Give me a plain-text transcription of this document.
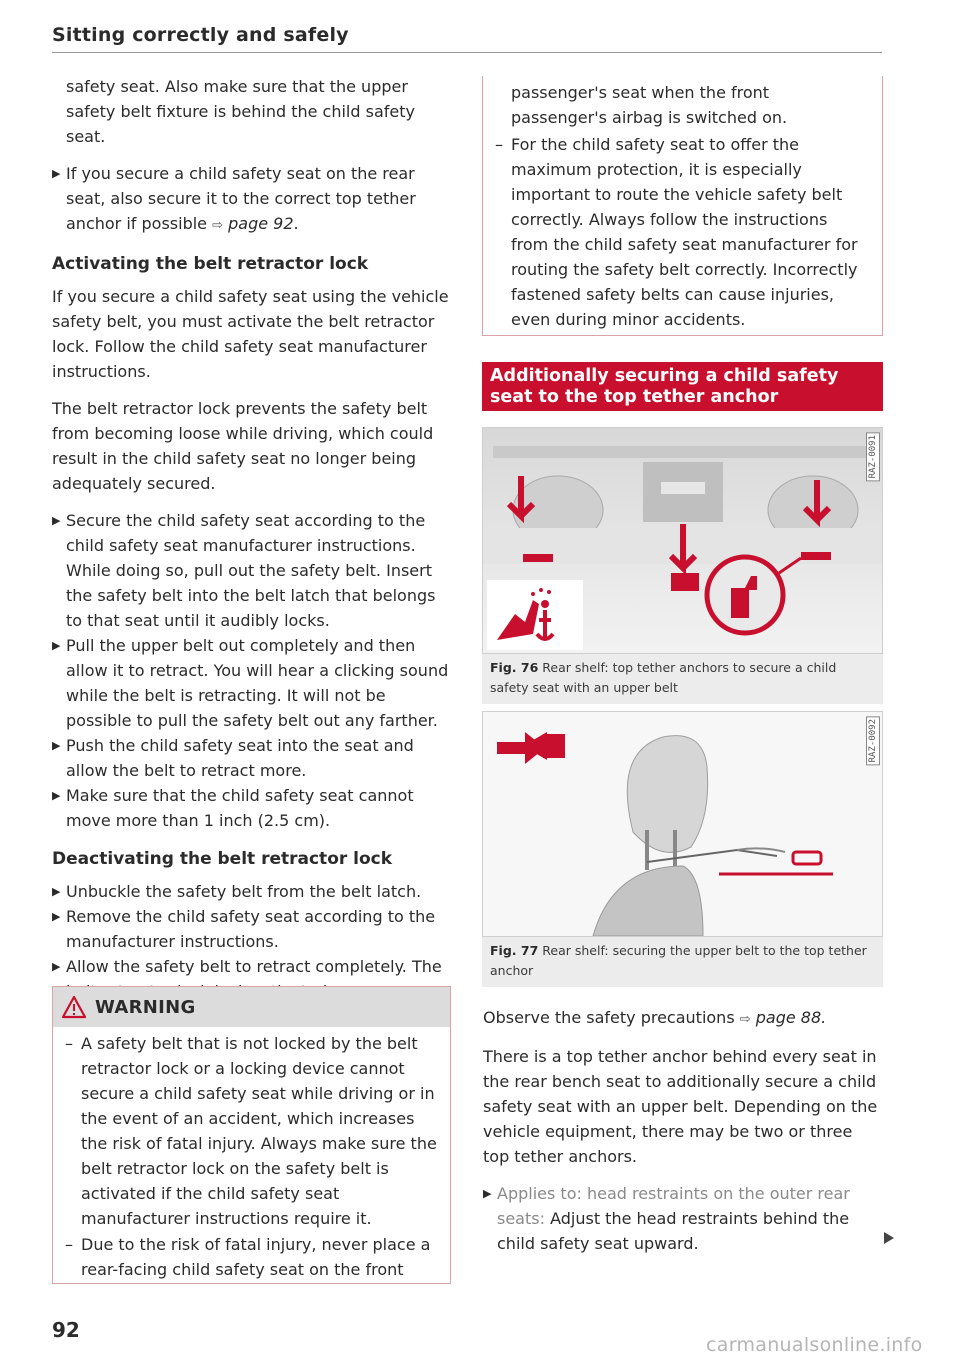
Sitting correctly and safely

safety seat. Also make sure that the upper safety belt fixture is behind the child safety seat.

▶ If you secure a child safety seat on the rear seat, also secure it to the correct top tether anchor if possible ⇨ page 92.
Activating the belt retractor lock

If you secure a child safety seat using the vehicle safety belt, you must activate the belt retractor lock. Follow the child safety seat manufacturer instructions.

The belt retractor lock prevents the safety belt from becoming loose while driving, which could result in the child safety seat no longer being adequately secured.

▶ Secure the child safety seat according to the child safety seat manufacturer instructions. While doing so, pull out the safety belt. Insert the safety belt into the belt latch that belongs to that seat until it audibly locks.
▶ Pull the upper belt out completely and then allow it to retract. You will hear a clicking sound while the belt is retracting. It will not be possible to pull the safety belt out any farther.
▶ Push the child safety seat into the seat and allow the belt to retract more.
▶ Make sure that the child safety seat cannot move more than 1 inch (2.5 cm).
Deactivating the belt retractor lock
▶ Unbuckle the safety belt from the belt latch.
▶ Remove the child safety seat according to the manufacturer instructions.
▶ Allow the safety belt to retract completely. The
WARNING
– A safety belt that is not locked by the belt retractor lock or a locking device cannot secure a child safety seat while driving or in the event of an accident, which increases the risk of fatal injury. Always make sure the belt retractor lock on the safety belt is activated if the child safety seat manufacturer instructions require it.
– Due to the risk of fatal injury, never place a rear-facing child safety seat on the front
passenger's seat when the front passenger's airbag is switched on.
– For the child safety seat to offer the maximum protection, it is especially important to route the vehicle safety belt correctly. Always follow the instructions from the child safety seat manufacturer for routing the safety belt correctly. Incorrectly fastened safety belts can cause injuries, even during minor accidents.
Additionally securing a child safety seat to the top tether anchor
RAZ-0091
Fig. 76 Rear shelf: top tether anchors to secure a child safety seat with an upper belt
RAZ-0092
Fig. 77 Rear shelf: securing the upper belt to the top tether anchor

Observe the safety precautions ⇨ page 88.

There is a top tether anchor behind every seat in the rear bench seat to additionally secure a child safety seat with an upper belt. Depending on the vehicle equipment, there may be two or three top tether anchors.

▶ Applies to: head restraints on the outer rear seats: Adjust the head restraints behind the child safety seat upward.
92
carmanualsonline.info
